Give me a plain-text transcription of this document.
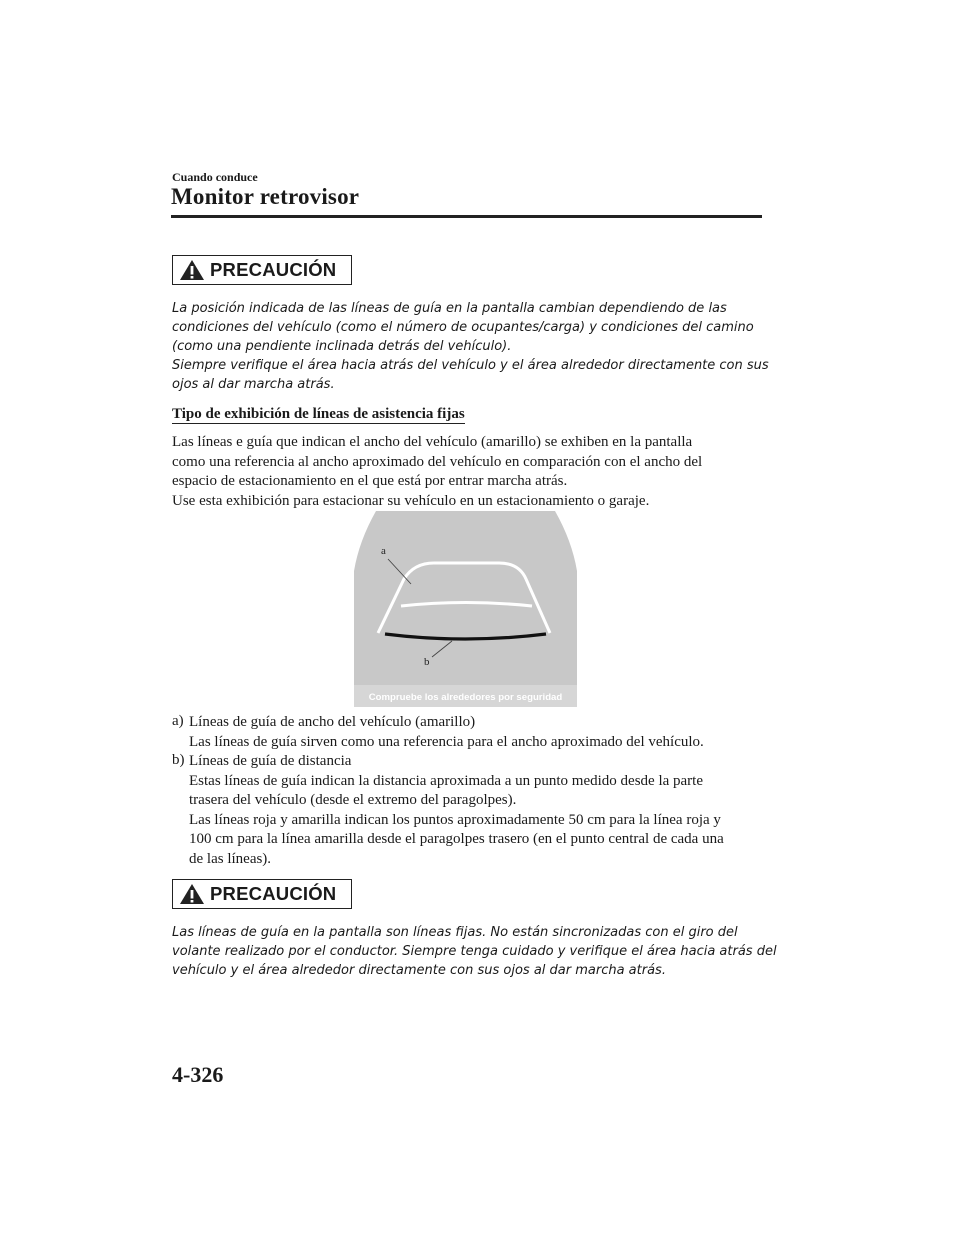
Cuando conduce
Monitor retrovisor
PRECAUCIÓN
La posición indicada de las líneas de guía en la pantalla cambian dependiendo de las
condiciones del vehículo (como el número de ocupantes/carga) y condiciones del camino
(como una pendiente inclinada detrás del vehículo).
Siempre verifique el área hacia atrás del vehículo y el área alrededor directamente con sus
ojos al dar marcha atrás.
Tipo de exhibición de líneas de asistencia fijas
Las líneas e guía que indican el ancho del vehículo (amarillo) se exhiben en la pantalla
como una referencia al ancho aproximado del vehículo en comparación con el ancho del
espacio de estacionamiento en el que está por entrar marcha atrás.
Use esta exhibición para estacionar su vehículo en un estacionamiento o garaje.
a
b
Compruebe los alrededores por seguridad
a) Líneas de guía de ancho del vehículo (amarillo)
Las líneas de guía sirven como una referencia para el ancho aproximado del vehículo.
b) Líneas de guía de distancia
Estas líneas de guía indican la distancia aproximada a un punto medido desde la parte
trasera del vehículo (desde el extremo del paragolpes).
Las líneas roja y amarilla indican los puntos aproximadamente 50 cm para la línea roja y
100 cm para la línea amarilla desde el paragolpes trasero (en el punto central de cada una
de las líneas).
PRECAUCIÓN
Las líneas de guía en la pantalla son líneas fijas. No están sincronizadas con el giro del
volante realizado por el conductor. Siempre tenga cuidado y verifique el área hacia atrás del
vehículo y el área alrededor directamente con sus ojos al dar marcha atrás.
4-326
